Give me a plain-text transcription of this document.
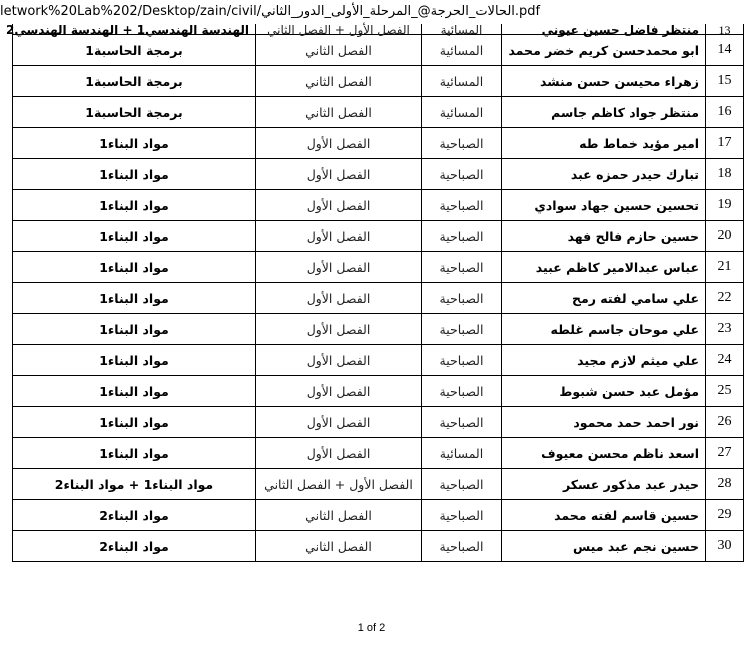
letwork%20Lab%202/Desktop/zain/civil/الحالات_الحرجة@_المرحلة_الأولى_الدور_الثاني.pdf
13	منتظر فاضل حسين عيوني	المسائية	الفصل الأول + الفصل الثاني	الهندسة الهندسي1 + الهندسة الهندسي2
14	ابو محمدحسن كريم خضر محمد	المسائية	الفصل الثاني	برمجة الحاسبة1
15	زهراء محيسن حسن منشد	المسائية	الفصل الثاني	برمجة الحاسبة1
16	منتظر جواد كاظم جاسم	المسائية	الفصل الثاني	برمجة الحاسبة1
17	امير مؤيد خماط طه	الصباحية	الفصل الأول	مواد البناء1
18	تبارك حيدر حمزه عبد	الصباحية	الفصل الأول	مواد البناء1
19	تحسين حسين جهاد سوادي	الصباحية	الفصل الأول	مواد البناء1
20	حسين حازم فالح فهد	الصباحية	الفصل الأول	مواد البناء1
21	عباس عبدالامير كاظم عبيد	الصباحية	الفصل الأول	مواد البناء1
22	علي سامي لفته رمح	الصباحية	الفصل الأول	مواد البناء1
23	علي موحان جاسم غلطه	الصباحية	الفصل الأول	مواد البناء1
24	علي ميثم لازم مجيد	الصباحية	الفصل الأول	مواد البناء1
25	مؤمل عبد حسن شبوط	الصباحية	الفصل الأول	مواد البناء1
26	نور احمد حمد محمود	الصباحية	الفصل الأول	مواد البناء1
27	اسعد ناظم محسن معيوف	المسائية	الفصل الأول	مواد البناء1
28	حيدر عبد مذكور عسكر	الصباحية	الفصل الأول + الفصل الثاني	مواد البناء1 + مواد البناء2
29	حسين قاسم لفته محمد	الصباحية	الفصل الثاني	مواد البناء2
30	حسين نجم عبد ميس	الصباحية	الفصل الثاني	مواد البناء2
1 of 2
